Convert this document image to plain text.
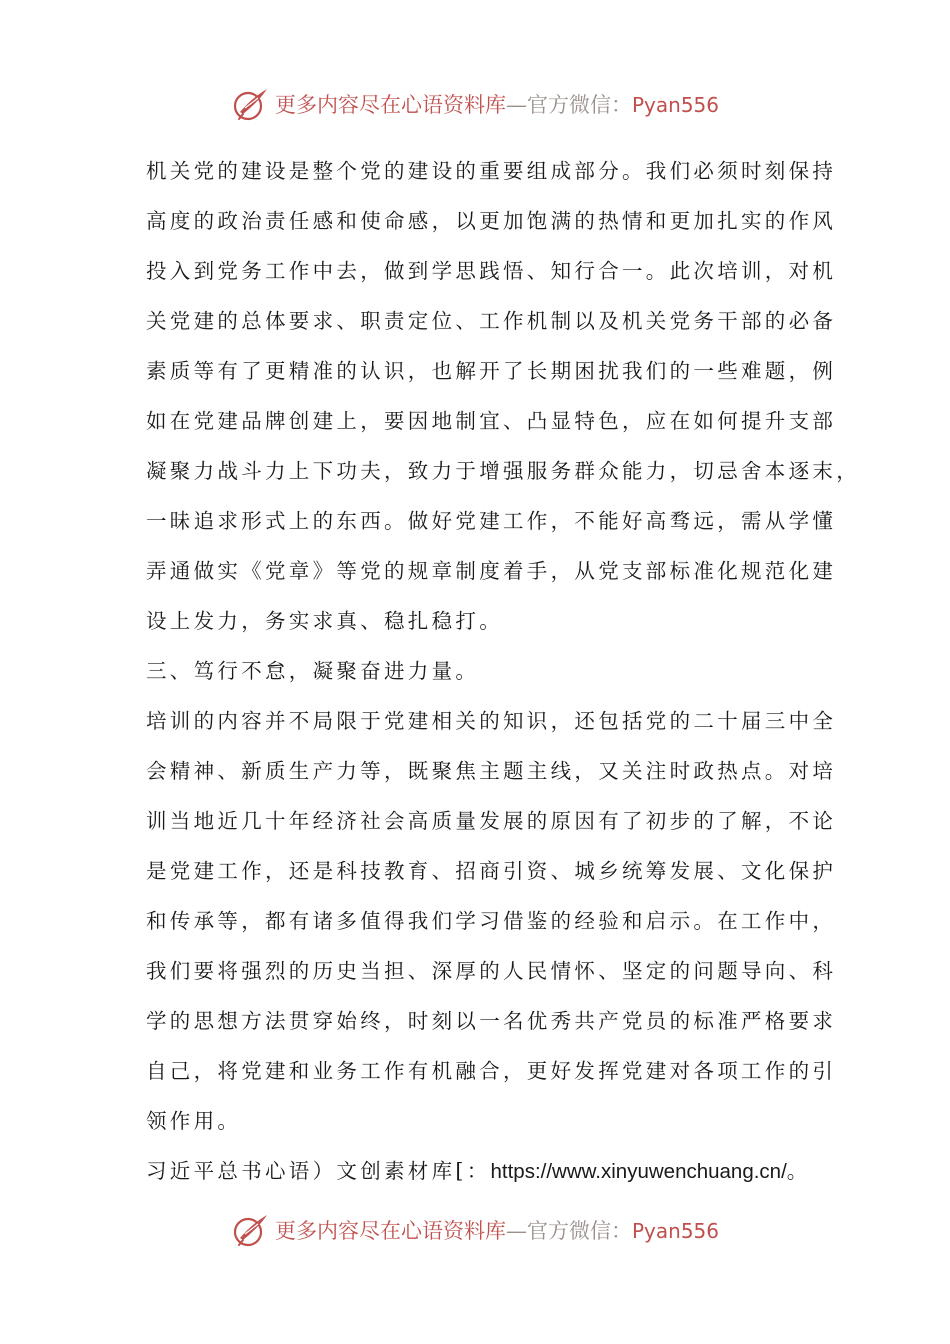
更多内容尽在心语资料库—官方微信：Pyan556
机关党的建设是整个党的建设的重要组成部分。我们必须时刻保持
高度的政治责任感和使命感，以更加饱满的热情和更加扎实的作风
投入到党务工作中去，做到学思践悟、知行合一。此次培训，对机
关党建的总体要求、职责定位、工作机制以及机关党务干部的必备
素质等有了更精准的认识，也解开了长期困扰我们的一些难题，例
如在党建品牌创建上，要因地制宜、凸显特色，应在如何提升支部
凝聚力战斗力上下功夫，致力于增强服务群众能力，切忌舍本逐末，
一昧追求形式上的东西。做好党建工作，不能好高骛远，需从学懂
弄通做实《党章》等党的规章制度着手，从党支部标准化规范化建
设上发力，务实求真、稳扎稳打。
三、笃行不怠，凝聚奋进力量。
培训的内容并不局限于党建相关的知识，还包括党的二十届三中全
会精神、新质生产力等，既聚焦主题主线，又关注时政热点。对培
训当地近几十年经济社会高质量发展的原因有了初步的了解，不论
是党建工作，还是科技教育、招商引资、城乡统筹发展、文化保护
和传承等，都有诸多值得我们学习借鉴的经验和启示。在工作中，
我们要将强烈的历史当担、深厚的人民情怀、坚定的问题导向、科
学的思想方法贯穿始终，时刻以一名优秀共产党员的标准严格要求
自己，将党建和业务工作有机融合，更好发挥党建对各项工作的引
领作用。
习近平总书心语）文创素材库[：https://www.xinyuwenchuang.cn/。
更多内容尽在心语资料库—官方微信：Pyan556
